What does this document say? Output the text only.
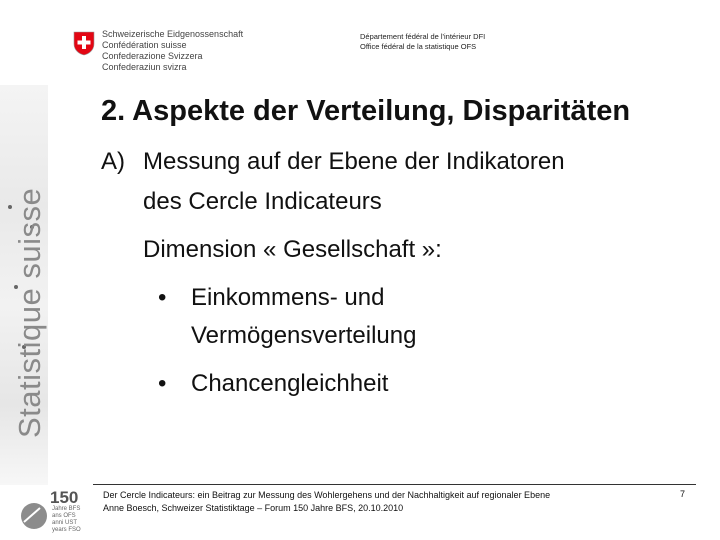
Schweizerische Eidgenossenschaft
Confédération suisse
Confederazione Svizzera
Confederaziun svizra
Département fédéral de l'intérieur DFI
Office fédéral de la statistique OFS
Statistique suisse
2. Aspekte der Verteilung, Disparitäten
A) Messung auf der Ebene der Indikatoren
des Cercle Indicateurs
Dimension « Gesellschaft »:
• Einkommens- und
Vermögensverteilung
• Chancengleichheit
Der Cercle Indicateurs: ein Beitrag zur Messung des Wohlergehens und der Nachhaltigkeit auf regionaler Ebene
Anne Boesch, Schweizer Statistiktage – Forum 150 Jahre BFS, 20.10.2010
7
150
Jahre BFS
ans OFS
anni UST
years FSO
